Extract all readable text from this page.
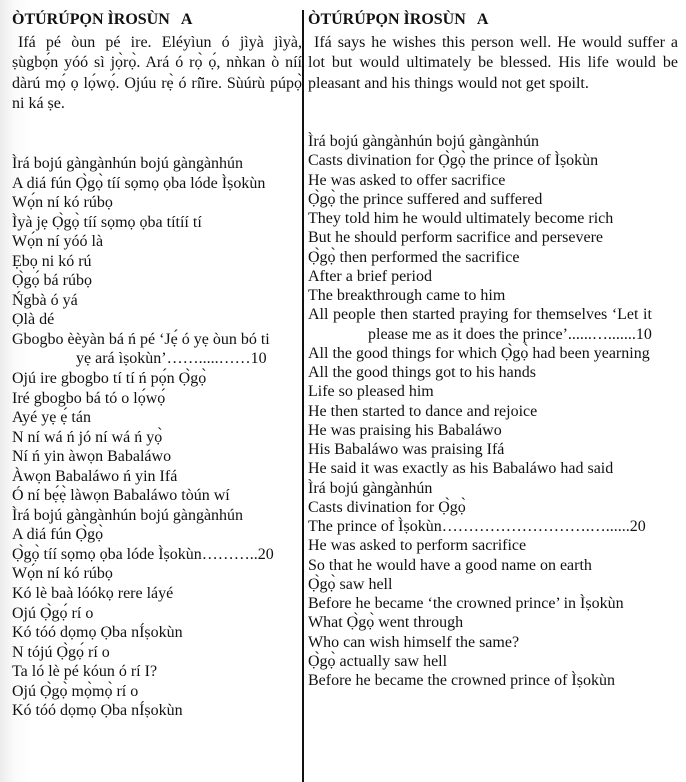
ÒTÚRÚPỌN ÌROSÙN   A
Ifá pé òun pé ire. Eléyìun ó jìyà jìyà, ṣùgbọ́n yóó sì jọ̀rọ̀. Ará ó rọ̀ ọ́, nǹkan ò níí dàrú mọ́ ọ lọ́wọ́. Ojúu rẹ̀ ó rí͂ire. Sùúrù púpọ̀ ni ká ṣe.
Ìrá bojú gàngànhún bojú gàngànhún
A diá fún Ọ̀gọ̀ tíí sọmọ ọba lóde Ìṣokùn
Wọ́n ní kó rúbọ
Ìyà jẹ Ọ̀gọ̀ tíí sọmọ ọba títíí tí
Wọ́n ní yóó là
Ẹbọ ni kó rú
Ọ̀gọ́ bá rúbọ
Ńgbà ó yá
Ọlà dé
Gbogbo èèyàn bá ń pé ‘Jẹ́ ó yẹ òun bó ti
yẹ ará ìṣokùn’…….....……10
Ojú ire gbogbo tí tí ń pọ́n Ọ̀gọ̀
Iré gbogbo bá tó o lọ́wọ́
Ayé yẹ ẹ́ tán
N ní wá ń jó ní wá ń yọ̀
Ní ń yin àwọn Babaláwo
Àwọn Babaláwo ń yin Ifá
Ó ní bẹ́ẹ̀ làwọn Babaláwo tòún wí
Ìrá bojú gàngànhún bojú gàngànhún
A diá fún Ọ̀gọ̀
Ọ̀gọ̀ tíí sọmọ ọba lóde Ìṣokùn………..20
Wọ́n ní kó rúbọ
Kó lè baà lóókọ rere láyé
Ojú Ọ̀gọ́ rí o
Kó tóó dọmọ Ọba nÍṣokùn
N tójú Ọ̀gọ́ rí o
Ta ló lè pé kóun ó rí I?
Ojú Ọ̀gọ̀ mọ̀mọ̀ rí o
Kó tóó dọmọ Ọba nÍṣokùn
ÒTÚRÚPỌN ÌROSÙN   A
Ifá says he wishes this person well. He would suffer a lot but would ultimately be blessed. His life would be pleasant and his things would not get spoilt.
Ìrá bojú gàngànhún bojú gàngànhún
Casts divination for Ọ̀gọ̀ the prince of Ìṣokùn
He was asked to offer sacrifice
Ọ̀gọ̀ the prince suffered and suffered
They told him he would ultimately become rich
But he should perform sacrifice and persevere
Ọ̀gọ̀ then performed the sacrifice
After a brief period
The breakthrough came to him
All people then started praying for themselves ‘Let it
please me as it does the prince’......….......10
All the good things for which Ọ̀gọ̀ had been yearning
All the good things got to his hands
Life so pleased him
He then started to dance and rejoice
He was praising his Babaláwo
His Babaláwo was praising Ifá
He said it was exactly as his Babaláwo had said
Ìrá bojú gàngànhún
Casts divination for Ọ̀gọ̀
The prince of Ìṣokùn……………………….…......20
He was asked to perform sacrifice
So that he would have a good name on earth
Ọ̀gọ̀ saw hell
Before he became ‘the crowned prince’ in Ìṣokùn
What Ọ̀gọ̀ went through
Who can wish himself the same?
Ọ̀gọ̀ actually saw hell
Before he became the crowned prince of Ìṣokùn
